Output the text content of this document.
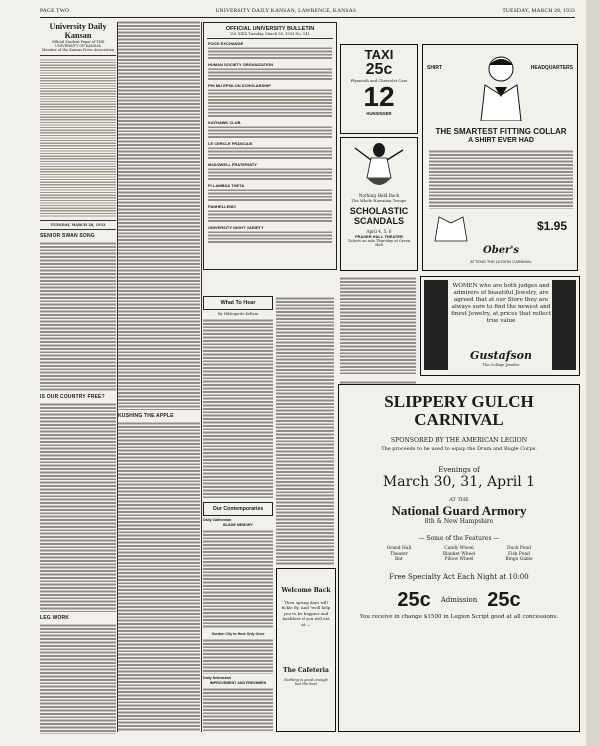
PAGE TWO	UNIVERSITY DAILY KANSAN, LAWRENCE, KANSAS	TUESDAY, MARCH 28, 1933
University Daily Kansan
Official Student Paper of THE UNIVERSITY OF KANSAS
Member of the Kansas Press Association
TUESDAY, MARCH 28, 1933
SENIOR SWAN SONG
IS OUR COUNTRY FREE?
LEG WORK
KUSHING THE APPLE
OFFICIAL UNIVERSITY BULLETIN
Vol. XXIX Tuesday, March 28, 1933 No. 141
FOOD EXCHANGE
HUMAN SOCIETY ORGANIZATION
PHI MU EPSILON SCHOLARSHIP
KAYHAWK CLUB
LE CERCLE FRANCAIS
McDOWELL FRATERNITY
PI LAMBDA THETA
PANHELLENIC
UNIVERSITY NIGHT VARIETY
What To Hear
By Hildegarde Kellam
Our Contemporaries
Daily Californian
BLAME MEMORY
Gordon City to Host Only Once
Daily Nebraskan
IMPROVEMENT AND FRESHMEN
Welcome Back
Then spring days will fickle fly. And 'twill help you to be happier and healthier if you will eat at —
The Cafeteria
Nothing is good enough but the best
TAXI
25c
Plymouth and Chevrolet Cars
12
HUNSINGER
Nothing Held Back
The Whole Hawaiian Troupe
SCHOLASTIC SCANDALS
April 4, 5, 6
FRASER HALL THEATER
Tickets on sale Thursday at Green Hall
SHIRT	HEADQUARTERS
THE SMARTEST FITTING COLLAR
A SHIRT EVER HAD
$1.95
Ober's
ATTEND THE LEGION CARNIVAL
WOMEN who are both judges and admirers of beautiful Jewelry, are agreed that at our Store they are always sure to find the newest and finest Jewelry, at prices that reflect true value
Gustafson
The College Jeweler
SLIPPERY GULCH
CARNIVAL
SPONSORED BY THE AMERICAN LEGION
The proceeds to be used to equip the Drum and Bugle Corps.
Evenings of
March 30, 31, April 1
AT THE
National Guard Armory
8th & New Hampshire
— Some of the Features —
Grand Hall	Candy Wheel	Duck Pond
Theater	Blanket Wheel	Fish Pond
Bar	Pillow Wheel	Bingo Game
Free Specialty Act Each Night at 10:00
25c Admission 25c
You receive in change $1500 in Legion Script good at all concessions.
